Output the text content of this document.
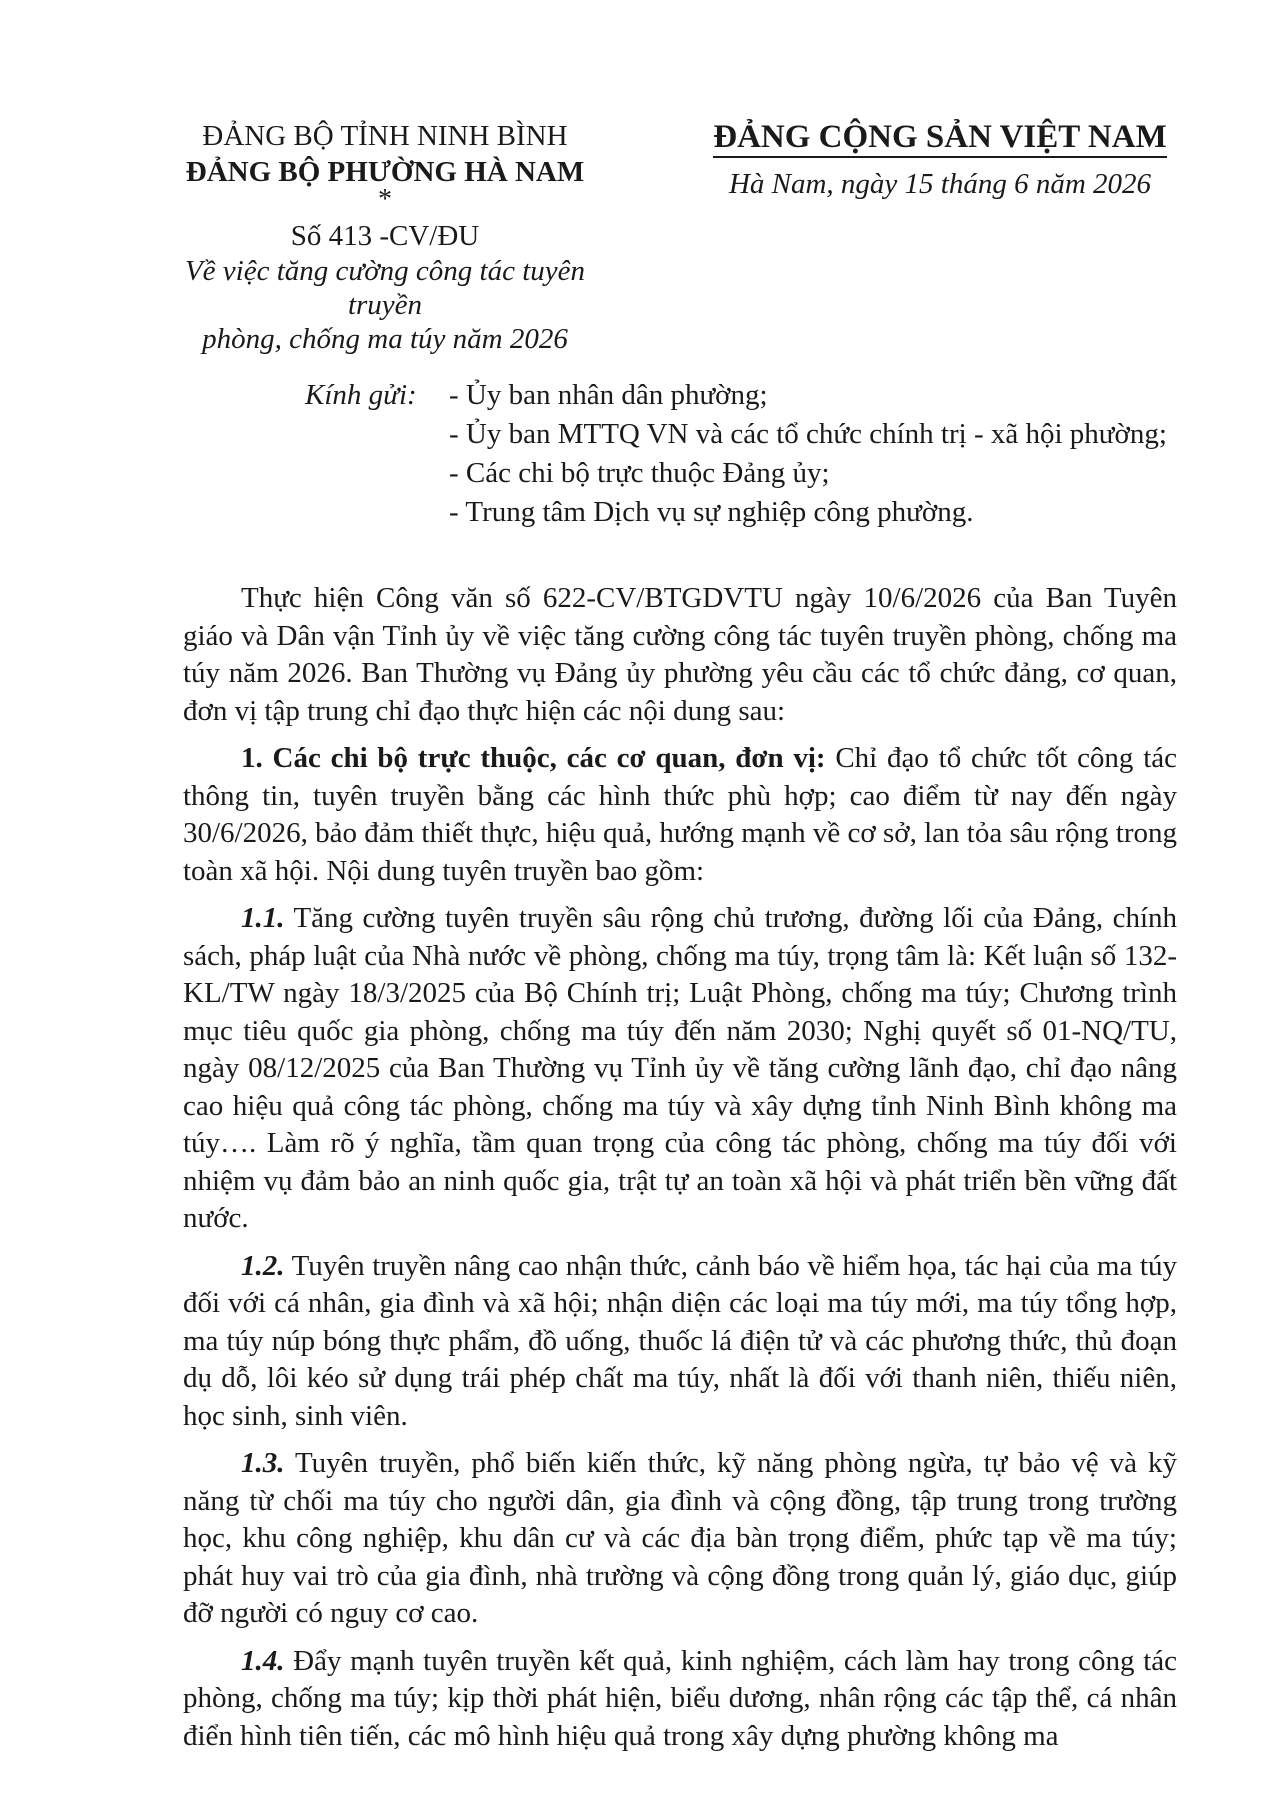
ĐẢNG BỘ TỈNH NINH BÌNH
ĐẢNG BỘ PHƯỜNG HÀ NAM
*
Số 413 -CV/ĐU
Về việc tăng cường công tác tuyên truyền
phòng, chống ma túy năm 2026
ĐẢNG CỘNG SẢN VIỆT NAM
Hà Nam, ngày 15 tháng 6 năm 2026
Kính gửi: - Ủy ban nhân dân phường;
- Ủy ban MTTQ VN và các tổ chức chính trị - xã hội phường;
- Các chi bộ trực thuộc Đảng ủy;
- Trung tâm Dịch vụ sự nghiệp công phường.

Thực hiện Công văn số 622-CV/BTGDVTU ngày 10/6/2026 của Ban Tuyên giáo và Dân vận Tỉnh ủy về việc tăng cường công tác tuyên truyền phòng, chống ma túy năm 2026. Ban Thường vụ Đảng ủy phường yêu cầu các tổ chức đảng, cơ quan, đơn vị tập trung chỉ đạo thực hiện các nội dung sau:

1. Các chi bộ trực thuộc, các cơ quan, đơn vị: Chỉ đạo tổ chức tốt công tác thông tin, tuyên truyền bằng các hình thức phù hợp; cao điểm từ nay đến ngày 30/6/2026, bảo đảm thiết thực, hiệu quả, hướng mạnh về cơ sở, lan tỏa sâu rộng trong toàn xã hội. Nội dung tuyên truyền bao gồm:

1.1. Tăng cường tuyên truyền sâu rộng chủ trương, đường lối của Đảng, chính sách, pháp luật của Nhà nước về phòng, chống ma túy, trọng tâm là: Kết luận số 132-KL/TW ngày 18/3/2025 của Bộ Chính trị; Luật Phòng, chống ma túy; Chương trình mục tiêu quốc gia phòng, chống ma túy đến năm 2030; Nghị quyết số 01-NQ/TU, ngày 08/12/2025 của Ban Thường vụ Tỉnh ủy về tăng cường lãnh đạo, chỉ đạo nâng cao hiệu quả công tác phòng, chống ma túy và xây dựng tỉnh Ninh Bình không ma túy…. Làm rõ ý nghĩa, tầm quan trọng của công tác phòng, chống ma túy đối với nhiệm vụ đảm bảo an ninh quốc gia, trật tự an toàn xã hội và phát triển bền vững đất nước.

1.2. Tuyên truyền nâng cao nhận thức, cảnh báo về hiểm họa, tác hại của ma túy đối với cá nhân, gia đình và xã hội; nhận diện các loại ma túy mới, ma túy tổng hợp, ma túy núp bóng thực phẩm, đồ uống, thuốc lá điện tử và các phương thức, thủ đoạn dụ dỗ, lôi kéo sử dụng trái phép chất ma túy, nhất là đối với thanh niên, thiếu niên, học sinh, sinh viên.

1.3. Tuyên truyền, phổ biến kiến thức, kỹ năng phòng ngừa, tự bảo vệ và kỹ năng từ chối ma túy cho người dân, gia đình và cộng đồng, tập trung trong trường học, khu công nghiệp, khu dân cư và các địa bàn trọng điểm, phức tạp về ma túy; phát huy vai trò của gia đình, nhà trường và cộng đồng trong quản lý, giáo dục, giúp đỡ người có nguy cơ cao.

1.4. Đẩy mạnh tuyên truyền kết quả, kinh nghiệm, cách làm hay trong công tác phòng, chống ma túy; kịp thời phát hiện, biểu dương, nhân rộng các tập thể, cá nhân điển hình tiên tiến, các mô hình hiệu quả trong xây dựng phường không ma
